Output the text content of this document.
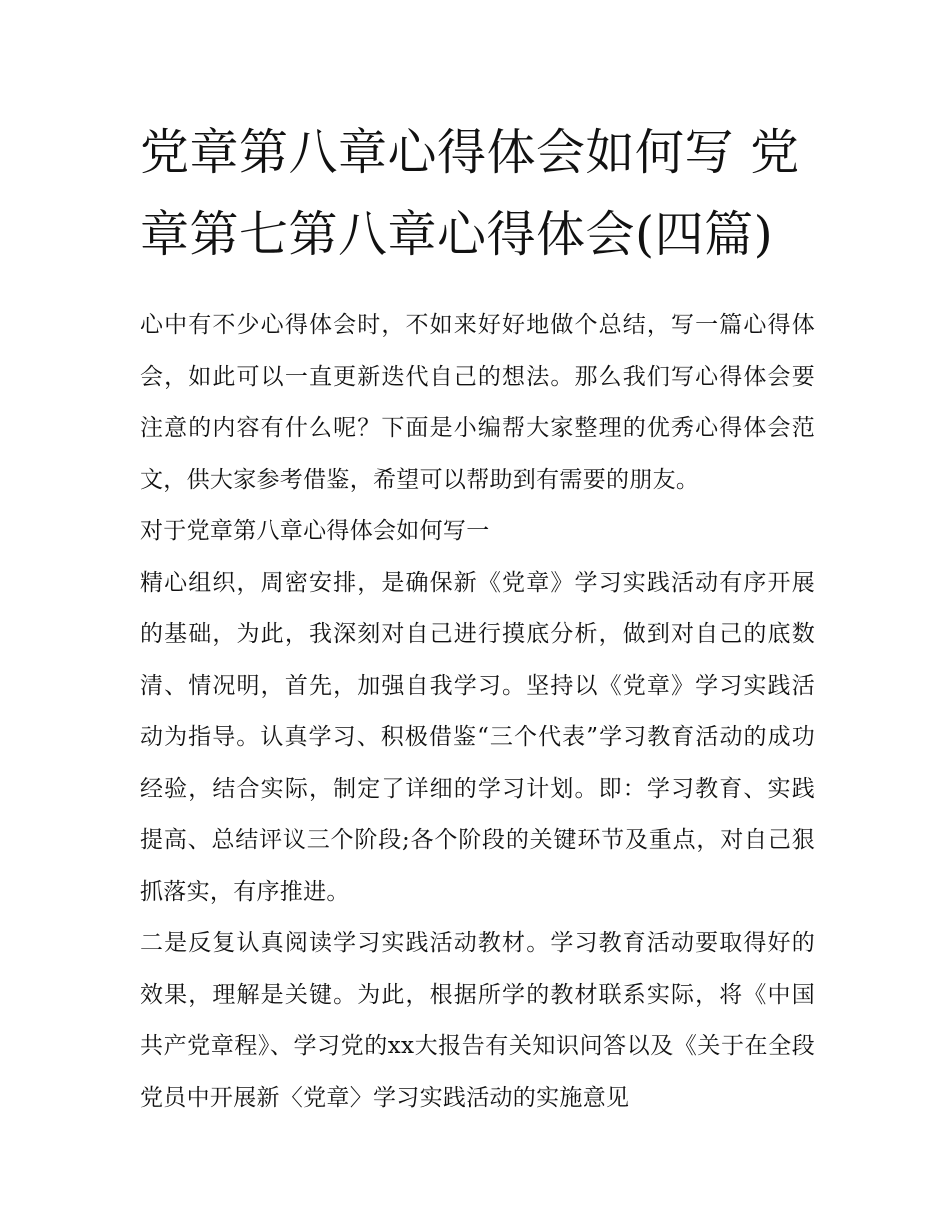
党章第八章心得体会如何写 党章第七第八章心得体会(四篇)

心中有不少心得体会时，不如来好好地做个总结，写一篇心得体会，如此可以一直更新迭代自己的想法。那么我们写心得体会要注意的内容有什么呢？下面是小编帮大家整理的优秀心得体会范文，供大家参考借鉴，希望可以帮助到有需要的朋友。

对于党章第八章心得体会如何写一

精心组织，周密安排，是确保新《党章》学习实践活动有序开展的基础，为此，我深刻对自己进行摸底分析，做到对自己的底数清、情况明，首先，加强自我学习。坚持以《党章》学习实践活动为指导。认真学习、积极借鉴“三个代表”学习教育活动的成功经验，结合实际，制定了详细的学习计划。即：学习教育、实践提高、总结评议三个阶段;各个阶段的关键环节及重点，对自己狠抓落实，有序推进。

二是反复认真阅读学习实践活动教材。学习教育活动要取得好的效果，理解是关键。为此，根据所学的教材联系实际，将《中国共产党章程》、学习党的xx大报告有关知识问答以及《关于在全段党员中开展新〈党章〉学习实践活动的实施意见
